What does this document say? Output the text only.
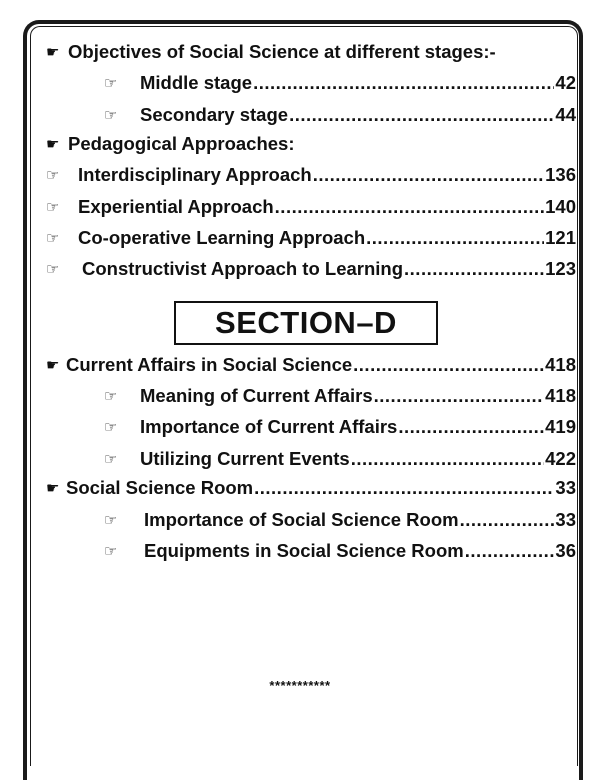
☛ Objectives of Social Science at different stages:-
☞	Middle stage .....	42
☞	Secondary stage .....	44
☛ Pedagogical Approaches:
☞	Interdisciplinary Approach .....	136
☞	Experiential Approach .....	140
☞	Co-operative Learning Approach .....	121
☞	Constructivist Approach to Learning .....	123
SECTION–D
☛ Current Affairs in Social Science .....	418
☞	Meaning of Current Affairs .....	418
☞	Importance of Current Affairs .....	419
☞	Utilizing Current Events .....	422
☛ Social Science Room .....	33
☞	Importance of Social Science Room .....	33
☞	Equipments in Social Science Room .....	36
***********
